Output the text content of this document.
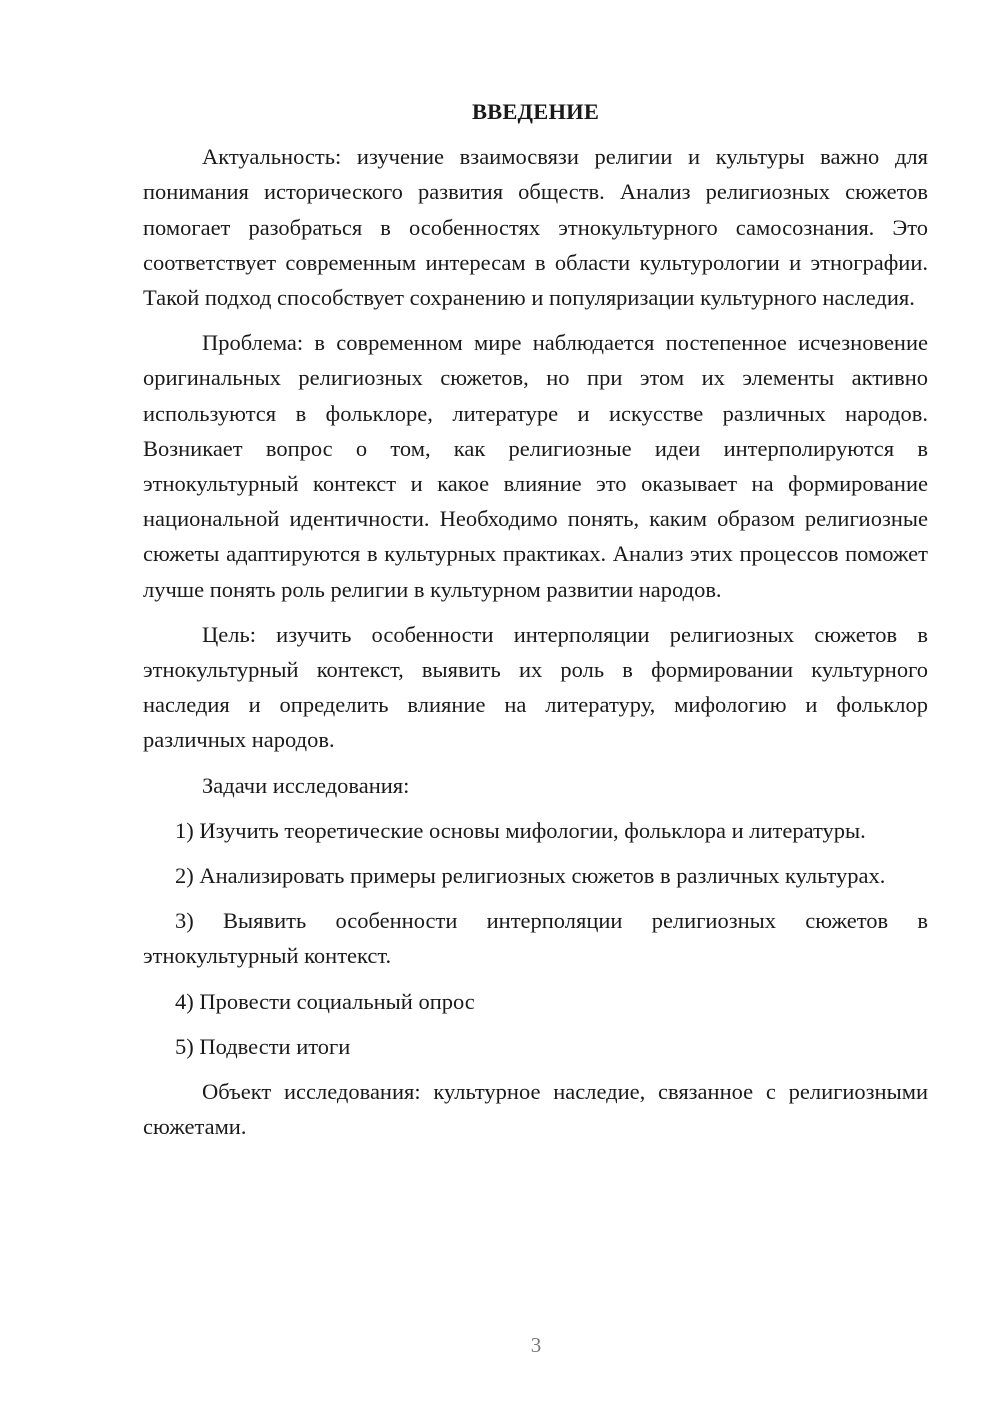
ВВЕДЕНИЕ

Актуальность: изучение взаимосвязи религии и культуры важно для понимания исторического развития обществ. Анализ религиозных сюжетов помогает разобраться в особенностях этнокультурного самосознания. Это соответствует современным интересам в области культурологии и этнографии. Такой подход способствует сохранению и популяризации культурного наследия.

Проблема: в современном мире наблюдается постепенное исчезновение оригинальных религиозных сюжетов, но при этом их элементы активно используются в фольклоре, литературе и искусстве различных народов. Возникает вопрос о том, как религиозные идеи интерполируются в этнокультурный контекст и какое влияние это оказывает на формирование национальной идентичности. Необходимо понять, каким образом религиозные сюжеты адаптируются в культурных практиках. Анализ этих процессов поможет лучше понять роль религии в культурном развитии народов.

Цель: изучить особенности интерполяции религиозных сюжетов в этнокультурный контекст, выявить их роль в формировании культурного наследия и определить влияние на литературу, мифологию и фольклор различных народов.

Задачи исследования:

1) Изучить теоретические основы мифологии, фольклора и литературы.

2) Анализировать примеры религиозных сюжетов в различных культурах.

3) Выявить особенности интерполяции религиозных сюжетов в этнокультурный контекст.

4) Провести социальный опрос

5) Подвести итоги

Объект исследования: культурное наследие, связанное с религиозными сюжетами.

3
